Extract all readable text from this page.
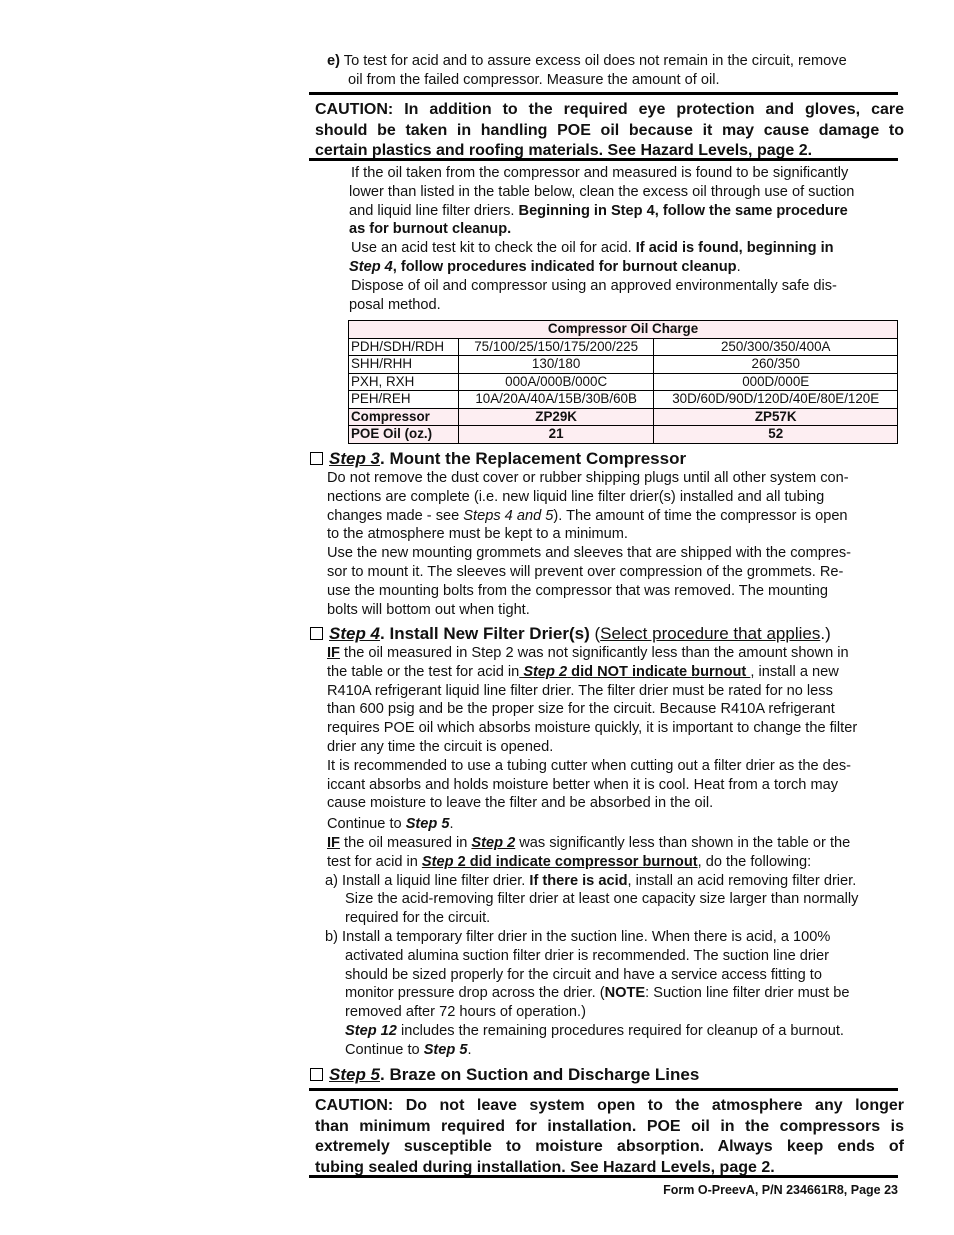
e) To test for acid and to assure excess oil does not remain in the circuit, remove

oil from the failed compressor. Measure the amount of oil.

CAUTION: In addition to the required eye protection and gloves, care

should be taken in handling POE oil because it may cause damage to

certain plastics and roofing materials. See Hazard Levels, page 2.

If the oil taken from the compressor and measured is found to be significantly

lower than listed in the table below, clean the excess oil through use of suction

and liquid line filter driers. Beginning in Step 4, follow the same procedure

as for burnout cleanup.

Use an acid test kit to check the oil for acid. If acid is found, beginning in

Step 4, follow procedures indicated for burnout cleanup.

Dispose of oil and compressor using an approved environmentally safe dis-

posal method.

Compressor Oil Charge		
PDH/SDH/RDH	75/100/25/150/175/200/225	250/300/350/400A
SHH/RHH	130/180	260/350
PXH, RXH	000A/000B/000C	000D/000E
PEH/REH	10A/20A/40A/15B/30B/60B	30D/60D/90D/120D/40E/80E/120E
Compressor	ZP29K	ZP57K
POE Oil (oz.)	21	52
Step 3. Mount the Replacement Compressor

Do not remove the dust cover or rubber shipping plugs until all other system con-

nections are complete (i.e. new liquid line filter drier(s) installed and all tubing

changes made - see Steps 4 and 5). The amount of time the compressor is open

to the atmosphere must be kept to a minimum.

Use the new mounting grommets and sleeves that are shipped with the compres-

sor to mount it. The sleeves will prevent over compression of the grommets. Re-

use the mounting bolts from the compressor that was removed. The mounting

bolts will bottom out when tight.

Step 4. Install New Filter Drier(s) (Select procedure that applies.)

IF the oil measured in Step 2 was not significantly less than the amount shown in

the table or the test for acid in Step 2 did NOT indicate burnout , install a new

R410A refrigerant liquid line filter drier. The filter drier must be rated for no less

than 600 psig and be the proper size for the circuit. Because R410A refrigerant

requires POE oil which absorbs moisture quickly, it is important to change the filter

drier any time the circuit is opened.

It is recommended to use a tubing cutter when cutting out a filter drier as the des-

iccant absorbs and holds moisture better when it is cool. Heat from a torch may

cause moisture to leave the filter and be absorbed in the oil.

Continue to Step 5.

IF the oil measured in Step 2 was significantly less than shown in the table or the

test for acid in Step 2 did indicate compressor burnout, do the following:

a) Install a liquid line filter drier. If there is acid, install an acid removing filter drier.

Size the acid-removing filter drier at least one capacity size larger than normally

required for the circuit.

b) Install a temporary filter drier in the suction line. When there is acid, a 100%

activated alumina suction filter drier is recommended. The suction line drier

should be sized properly for the circuit and have a service access fitting to

monitor pressure drop across the drier. (NOTE: Suction line filter drier must be

removed after 72 hours of operation.)

Step 12 includes the remaining procedures required for cleanup of a burnout.

Continue to Step 5.

Step 5. Braze on Suction and Discharge Lines

CAUTION: Do not leave system open to the atmosphere any longer

than minimum required for installation. POE oil in the compressors is

extremely susceptible to moisture absorption. Always keep ends of

tubing sealed during installation. See Hazard Levels, page 2.

Form O-PreevA, P/N 234661R8, Page 23
